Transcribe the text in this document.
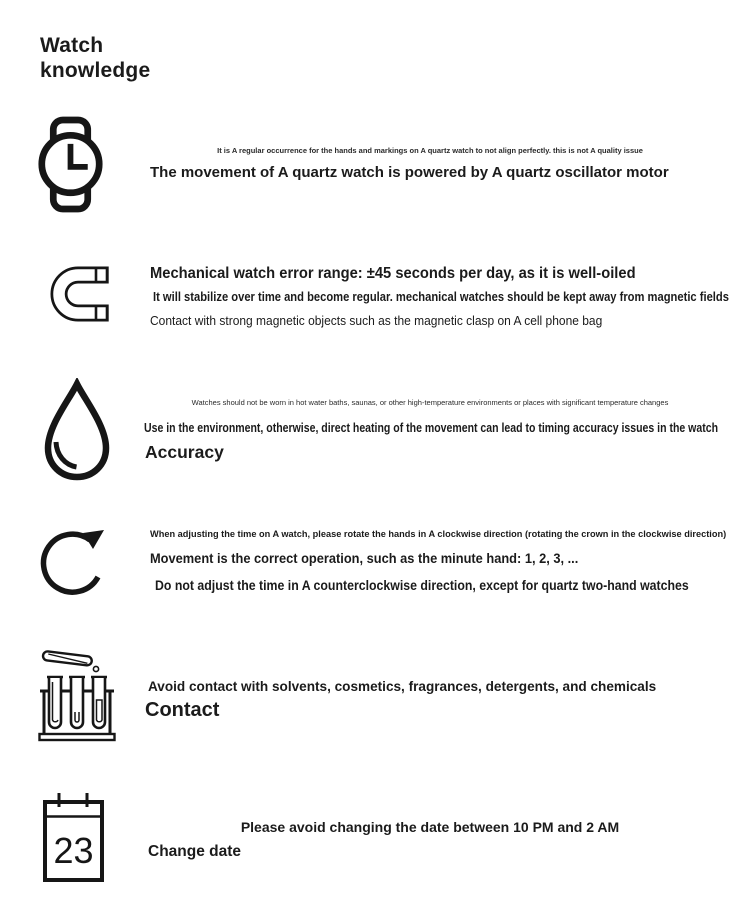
Watch knowledge
It is A regular occurrence for the hands and markings on A quartz watch to not align perfectly. this is not A quality issue
The movement of A quartz watch is powered by A quartz oscillator motor
Mechanical watch error range: ±45 seconds per day, as it is well-oiled
It will stabilize over time and become regular. mechanical watches should be kept away from magnetic fields
Contact with strong magnetic objects such as the magnetic clasp on A cell phone bag
Watches should not be worn in hot water baths, saunas, or other high-temperature environments or places with significant temperature changes
Use in the environment, otherwise, direct heating of the movement can lead to timing accuracy issues in the watch
Accuracy
When adjusting the time on A watch, please rotate the hands in A clockwise direction (rotating the crown in the clockwise direction)
Movement is the correct operation, such as the minute hand: 1, 2, 3, ...
Do not adjust the time in A counterclockwise direction, except for quartz two-hand watches
Avoid contact with solvents, cosmetics, fragrances, detergents, and chemicals
Contact
23
Please avoid changing the date between 10 PM and 2 AM
Change date
